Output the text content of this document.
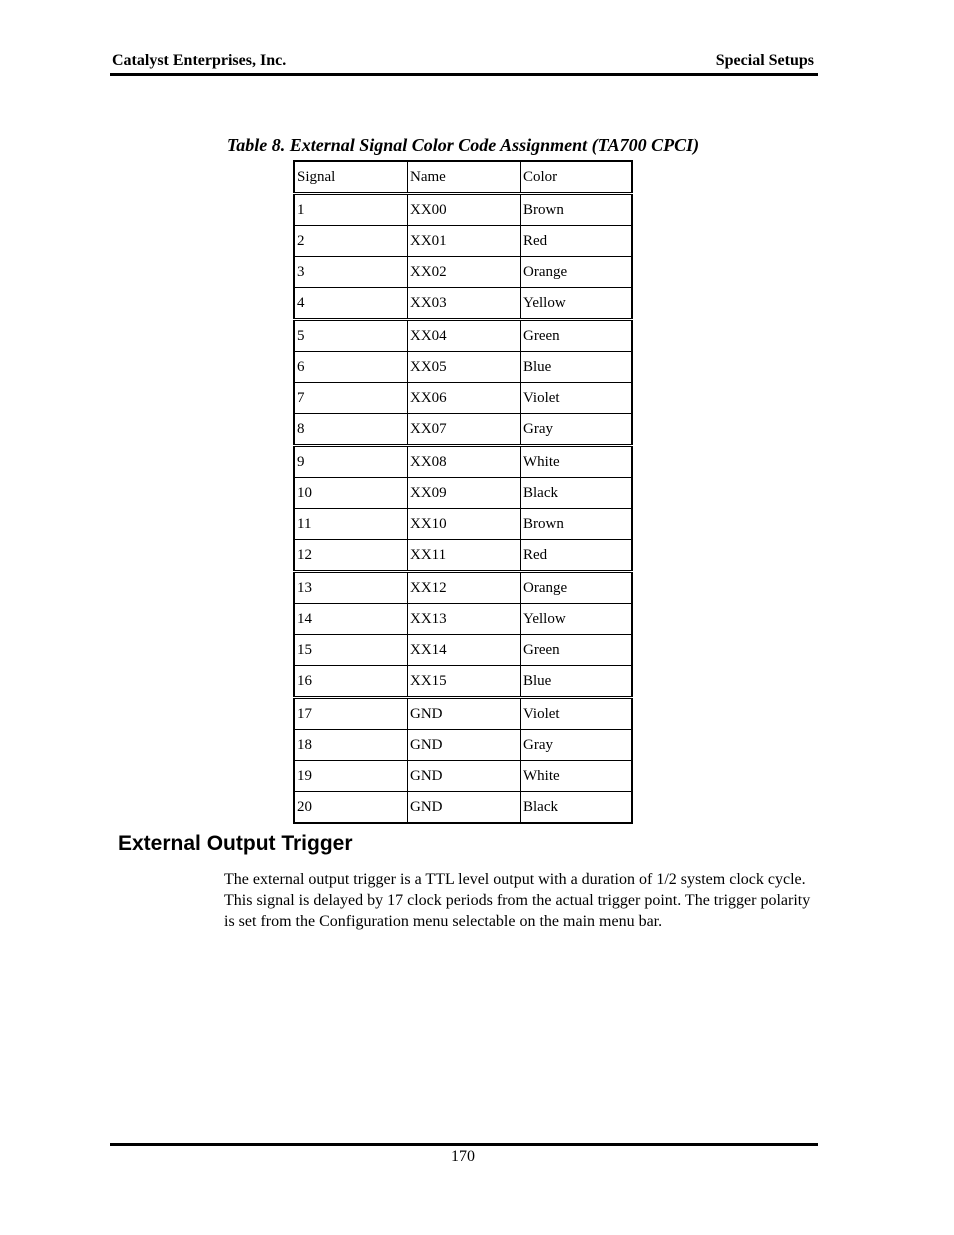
Catalyst Enterprises, Inc.	Special Setups
Table 8. External Signal Color Code Assignment (TA700 CPCI)
Signal	Name	Color
1	XX00	Brown
2	XX01	Red
3	XX02	Orange
4	XX03	Yellow
5	XX04	Green
6	XX05	Blue
7	XX06	Violet
8	XX07	Gray
9	XX08	White
10	XX09	Black
11	XX10	Brown
12	XX11	Red
13	XX12	Orange
14	XX13	Yellow
15	XX14	Green
16	XX15	Blue
17	GND	Violet
18	GND	Gray
19	GND	White
20	GND	Black
External Output Trigger
The external output trigger is a TTL level output with a duration of 1/2 system clock cycle. This signal is delayed by 17 clock periods from the actual trigger point. The trigger polarity is set from the Configuration menu selectable on the main menu bar.
170
